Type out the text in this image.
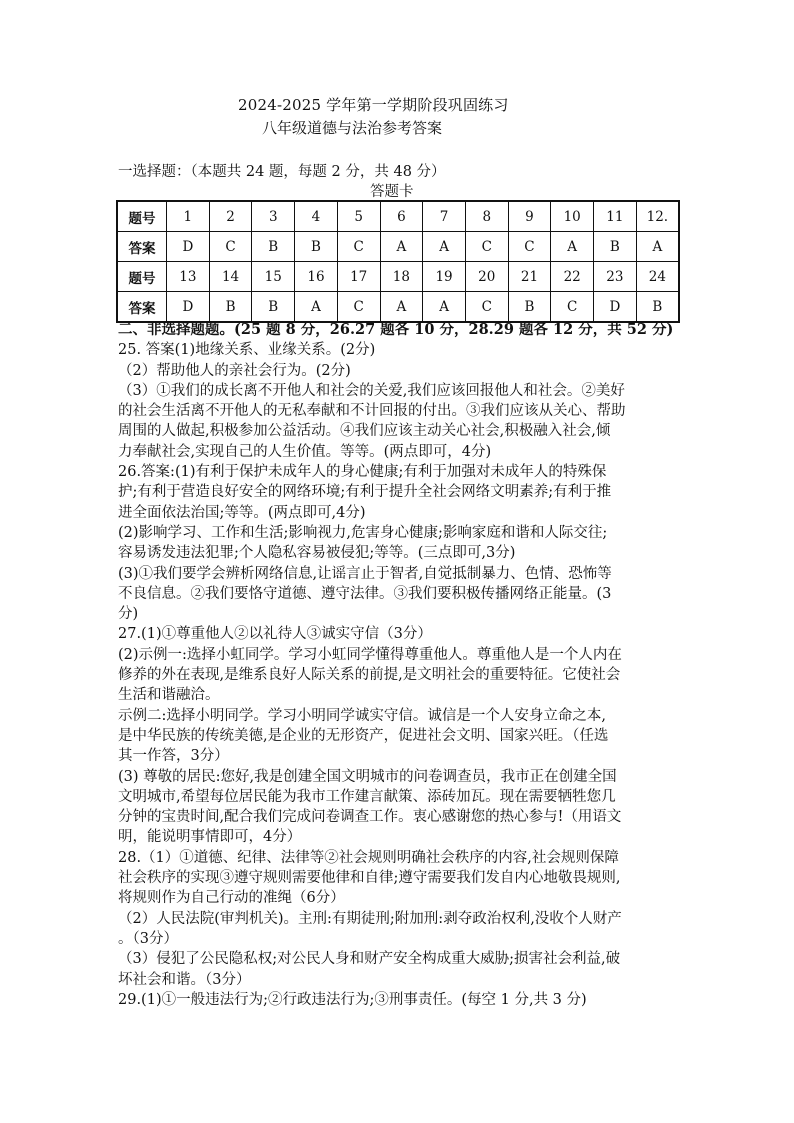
2024-2025 学年第一学期阶段巩固练习
八年级道德与法治参考答案
一选择题：（本题共 24 题，每题 2 分，共 48 分）
答题卡
题号	1	2	3	4	5	6	7	8	9	10	11	12.
答案	D	C	B	B	C	A	A	C	C	A	B	A
题号	13	14	15	16	17	18	19	20	21	22	23	24
答案	D	B	B	A	C	A	A	C	B	C	D	B

二、非选择题题。(25 题 8 分，26.27 题各 10 分，28.29 题各 12 分，共 52 分)

25. 答案(1)地缘关系、业缘关系。(2分)

（2）帮助他人的亲社会行为。(2分)

（3）①我们的成长离不开他人和社会的关爱,我们应该回报他人和社会。②美好

的社会生活离不开他人的无私奉献和不计回报的付出。③我们应该从关心、帮助

周围的人做起,积极参加公益活动。④我们应该主动关心社会,积极融入社会,倾

力奉献社会,实现自己的人生价值。等等。(两点即可，4分)

26.答案:(1)有利于保护未成年人的身心健康;有利于加强对未成年人的特殊保

护;有利于营造良好安全的网络环境;有利于提升全社会网络文明素养;有利于推

进全面依法治国;等等。(两点即可,4分)

(2)影响学习、工作和生活;影响视力,危害身心健康;影响家庭和谐和人际交往;

容易诱发违法犯罪;个人隐私容易被侵犯;等等。(三点即可,3分)

(3)①我们要学会辨析网络信息,让谣言止于智者,自觉抵制暴力、色情、恐怖等

不良信息。②我们要恪守道德、遵守法律。③我们要积极传播网络正能量。(3

分)

27.(1)①尊重他人②以礼待人③诚实守信（3分）

(2)示例一:选择小虹同学。学习小虹同学懂得尊重他人。尊重他人是一个人内在

修养的外在表现,是维系良好人际关系的前提,是文明社会的重要特征。它使社会

生活和谐融洽。

示例二:选择小明同学。学习小明同学诚实守信。诚信是一个人安身立命之本,

是中华民族的传统美德,是企业的无形资产，促进社会文明、国家兴旺。（任选

其一作答，3分）

(3) 尊敬的居民:您好,我是创建全国文明城市的问卷调查员，我市正在创建全国

文明城市,希望每位居民能为我市工作建言献策、添砖加瓦。现在需要牺牲您几

分钟的宝贵时间,配合我们完成问卷调查工作。衷心感谢您的热心参与!（用语文

明，能说明事情即可，4分）

28.（1）①道德、纪律、法律等②社会规则明确社会秩序的内容,社会规则保障

社会秩序的实现③遵守规则需要他律和自律;遵守需要我们发自内心地敬畏规则,

将规则作为自己行动的准绳（6分）

（2）人民法院(审判机关)。主刑:有期徒刑;附加刑:剥夺政治权利,没收个人财产

。（3分）

（3）侵犯了公民隐私权;对公民人身和财产安全构成重大威胁;损害社会利益,破

坏社会和谐。（3分）

29.(1)①一般违法行为;②行政违法行为;③刑事责任。(每空 1 分,共 3 分)
